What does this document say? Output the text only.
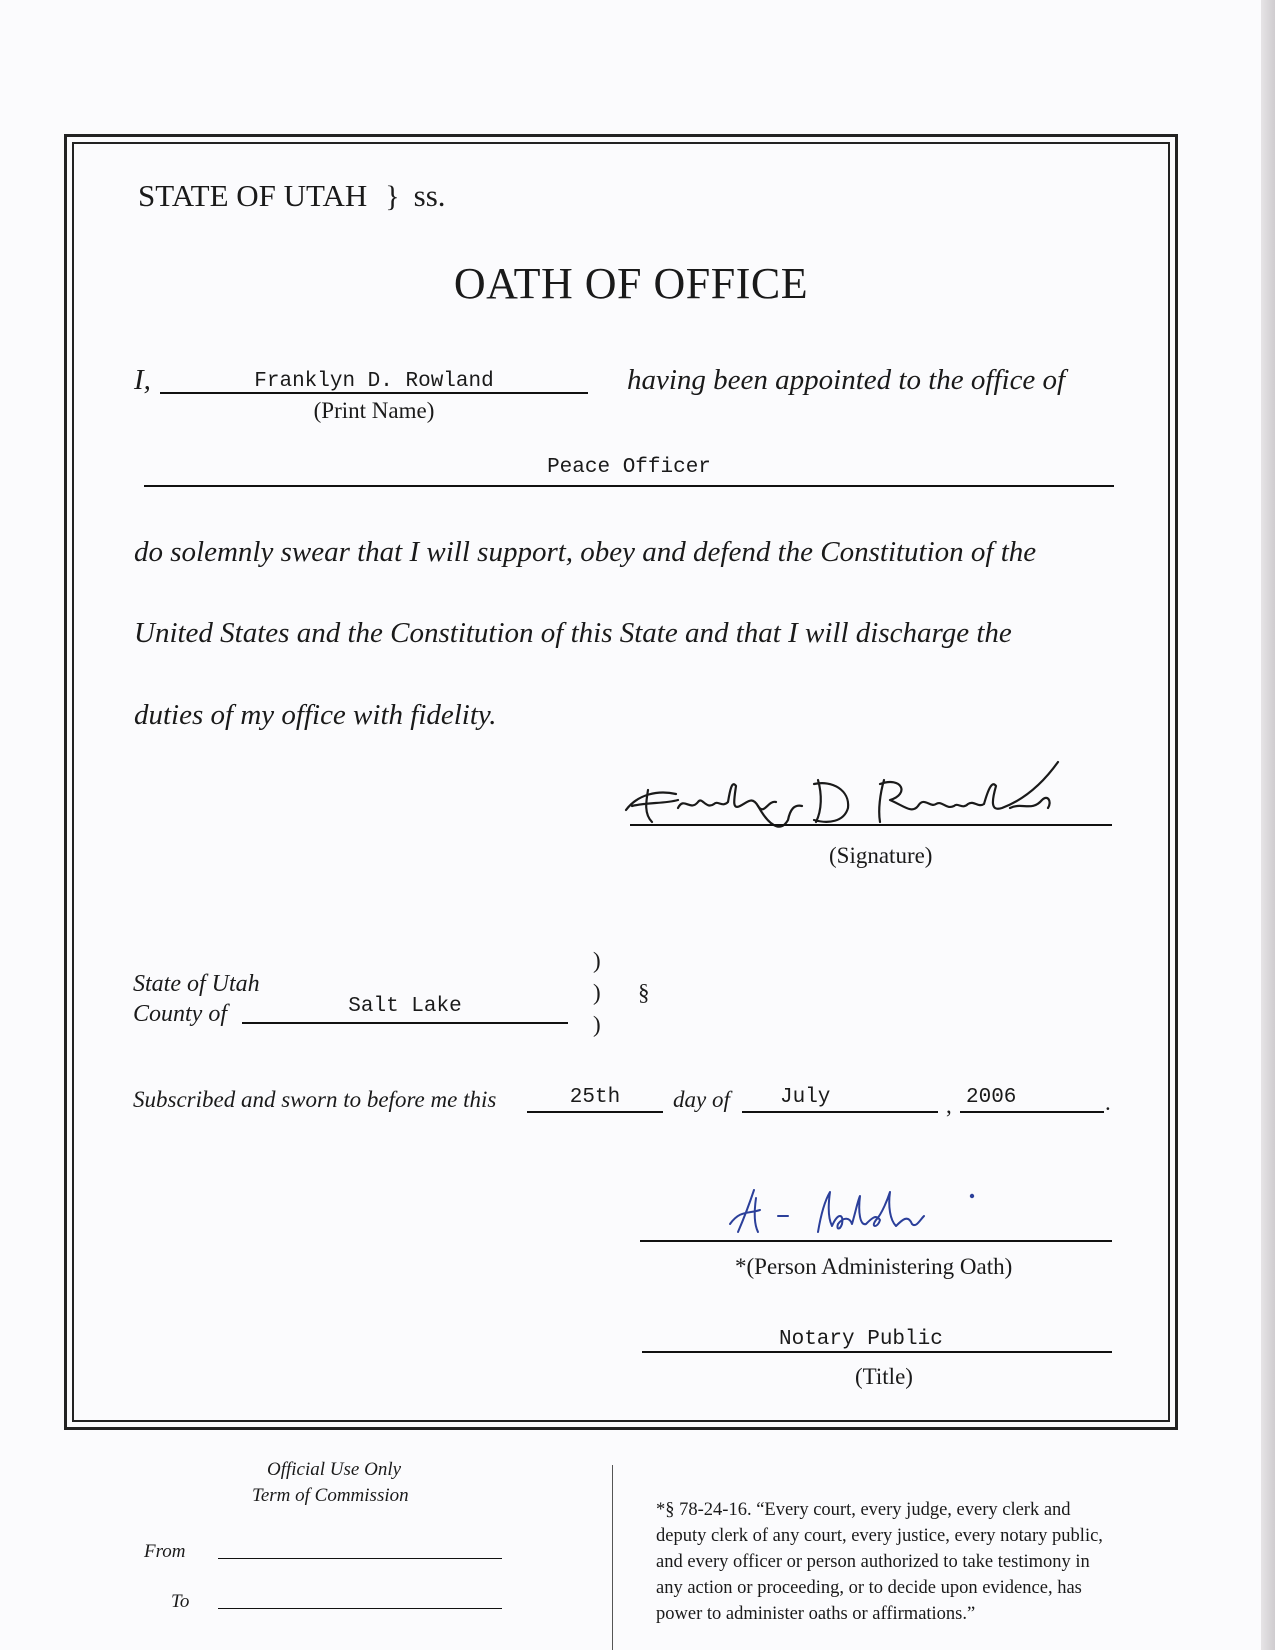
STATE OF UTAH } ss.
OATH OF OFFICE
I,	Franklyn D. Rowland
(Print Name)
having been appointed to the office of
Peace Officer
do solemnly swear that I will support, obey and defend the Constitution of the
United States and the Constitution of this State and that I will discharge the
duties of my office with fidelity.
(Signature)
State of Utah
County of	Salt Lake
)
)
)
§
Subscribed and sworn to before me this	25th	day of July	, 2006	.
*(Person Administering Oath)
Notary Public
(Title)
Official Use Only
Term of Commission
From
To
*§ 78-24-16. “Every court, every judge, every clerk and
deputy clerk of any court, every justice, every notary public,
and every officer or person authorized to take testimony in
any action or proceeding, or to decide upon evidence, has
power to administer oaths or affirmations.”
